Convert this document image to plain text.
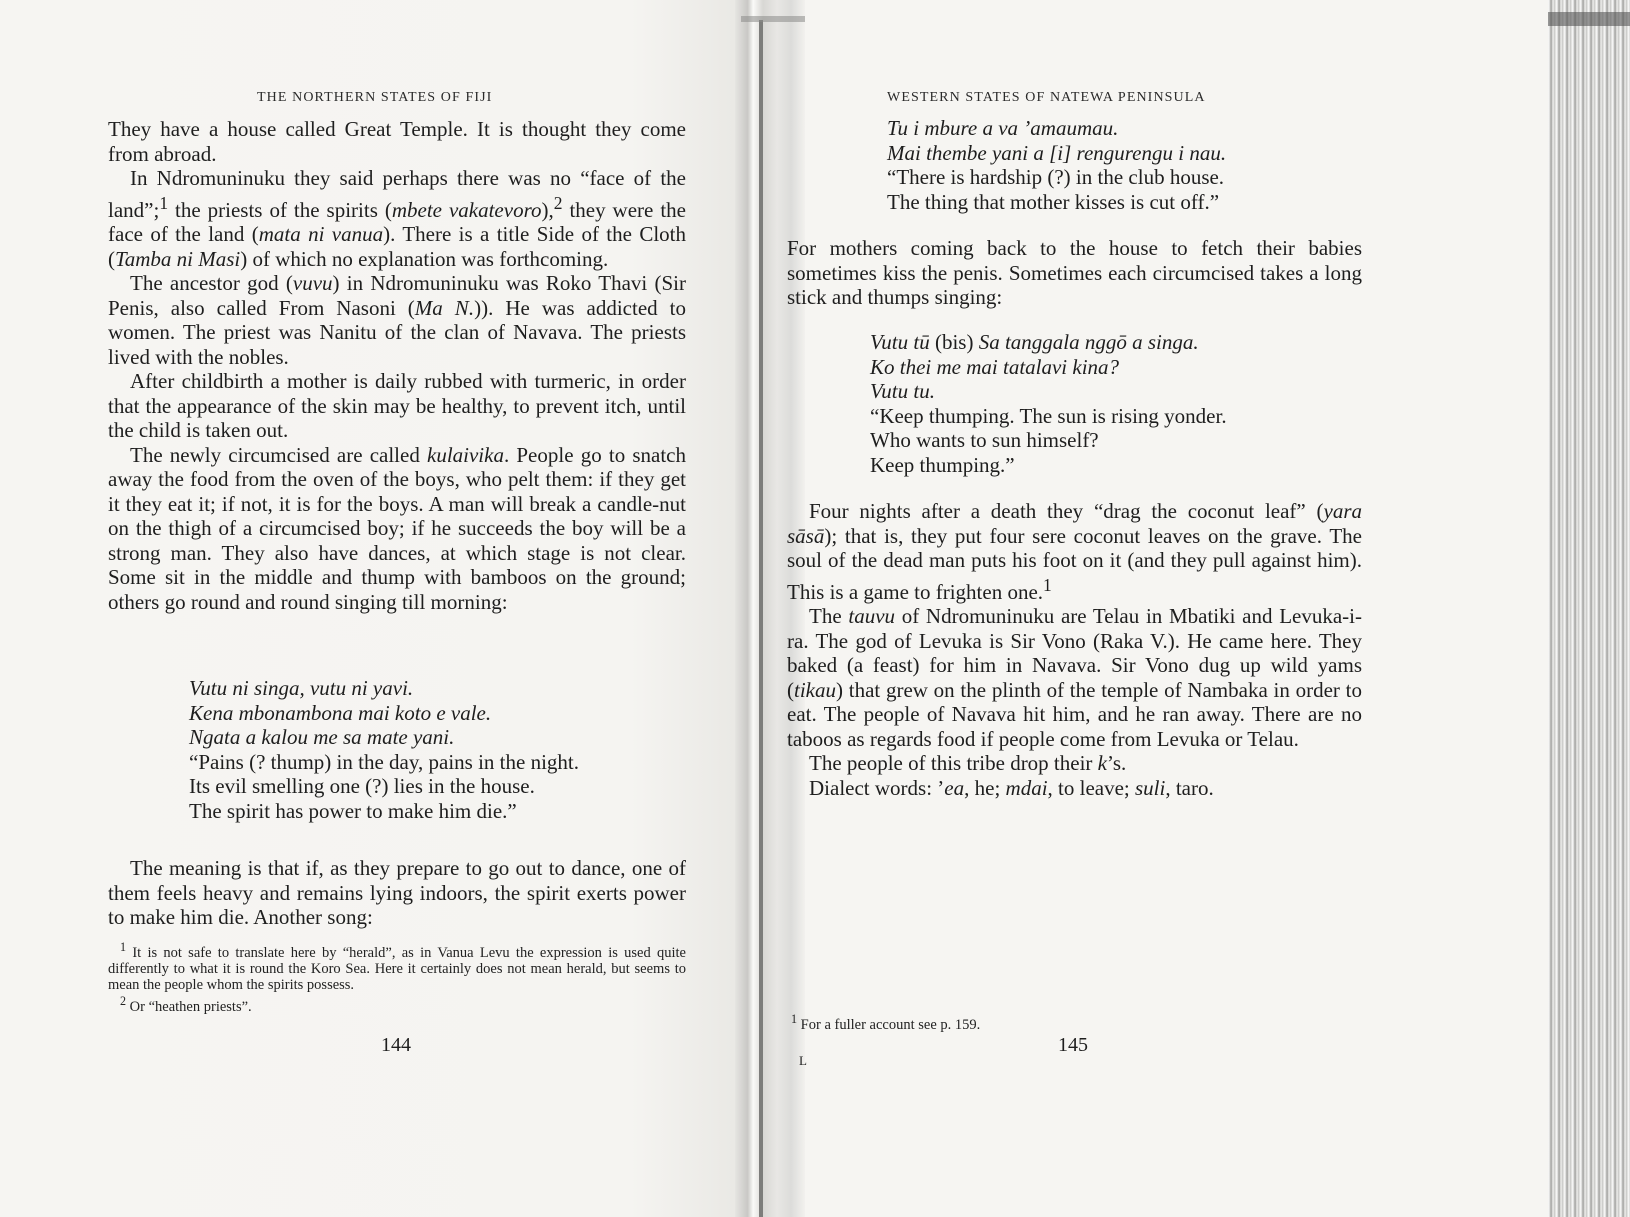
THE NORTHERN STATES OF FIJI

They have a house called Great Temple. It is thought they come from abroad.

In Ndromuninuku they said perhaps there was no “face of the land”;$^1$ the priests of the spirits (mbete vakatevoro),$^2$ they were the face of the land (mata ni vanua). There is a title Side of the Cloth (Tamba ni Masi) of which no explanation was forthcoming.

The ancestor god (vuvu) in Ndromuninuku was Roko Thavi (Sir Penis, also called From Nasoni (Ma N.)). He was addicted to women. The priest was Nanitu of the clan of Navava. The priests lived with the nobles.

After childbirth a mother is daily rubbed with turmeric, in order that the appearance of the skin may be healthy, to prevent itch, until the child is taken out.

The newly circumcised are called kulaivika. People go to snatch away the food from the oven of the boys, who pelt them: if they get it they eat it; if not, it is for the boys. A man will break a candle-nut on the thigh of a circumcised boy; if he succeeds the boy will be a strong man. They also have dances, at which stage is not clear. Some sit in the middle and thump with bamboos on the ground; others go round and round singing till morning:

Vutu ni singa, vutu ni yavi.
Kena mbonambona mai koto e vale.
Ngata a kalou me sa mate yani.
“Pains (? thump) in the day, pains in the night.
Its evil smelling one (?) lies in the house.
The spirit has power to make him die.”

The meaning is that if, as they prepare to go out to dance, one of them feels heavy and remains lying indoors, the spirit exerts power to make him die. Another song:

$^1$ It is not safe to translate here by “herald”, as in Vanua Levu the expression is used quite differently to what it is round the Koro Sea. Here it certainly does not mean herald, but seems to mean the people whom the spirits possess.

$^2$ Or “heathen priests”.

144
WESTERN STATES OF NATEWA PENINSULA
Tu i mbure a va ’amaumau.
Mai thembe yani a [i] rengurengu i nau.
“There is hardship (?) in the club house.
The thing that mother kisses is cut off.”

For mothers coming back to the house to fetch their babies sometimes kiss the penis. Sometimes each circumcised takes a long stick and thumps singing:

Vutu tū (bis) Sa tanggala nggō a singa.
Ko thei me mai tatalavi kina?
Vutu tu.
“Keep thumping. The sun is rising yonder.
Who wants to sun himself?
Keep thumping.”

Four nights after a death they “drag the coconut leaf” (yara sāsā); that is, they put four sere coconut leaves on the grave. The soul of the dead man puts his foot on it (and they pull against him). This is a game to frighten one.$^1$

The tauvu of Ndromuninuku are Telau in Mbatiki and Levuka-i-ra. The god of Levuka is Sir Vono (Raka V.). He came here. They baked (a feast) for him in Navava. Sir Vono dug up wild yams (tikau) that grew on the plinth of the temple of Nambaka in order to eat. The people of Navava hit him, and he ran away. There are no taboos as regards food if people come from Levuka or Telau.

The people of this tribe drop their k’s.

Dialect words: ’ea, he; mdai, to leave; suli, taro.

$^1$ For a fuller account see p. 159.

145
L
